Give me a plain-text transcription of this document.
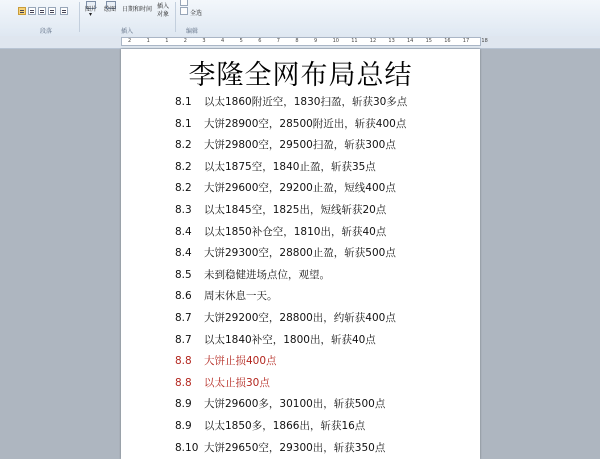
段落
图片
▾
绘图 日期和时间 插入
对象
插入
全选
编辑
2	1	1	2	3	4	5	6	7	8	9	10 11 12 13 14 15 16 17 18
李隆全网布局总结
8.1 以太1860附近空，1830扫盈，斩获30多点
8.1 大饼28900空，28500附近出，斩获400点
8.2 大饼29800空，29500扫盈，斩获300点
8.2 以太1875空，1840止盈，斩获35点
8.2 大饼29600空，29200止盈，短线400点
8.3 以太1845空，1825出，短线斩获20点
8.4 以太1850补仓空，1810出，斩获40点
8.4 大饼29300空，28800止盈，斩获500点
8.5 未到稳健进场点位，观望。
8.6 周末休息一天。
8.7 大饼29200空，28800出，约斩获400点
8.7 以太1840补空，1800出，斩获40点
8.8 大饼止损400点
8.8 以太止损30点
8.9 大饼29600多，30100出，斩获500点
8.9 以太1850多，1866出，斩获16点
8.10 大饼29650空，29300出，斩获350点
